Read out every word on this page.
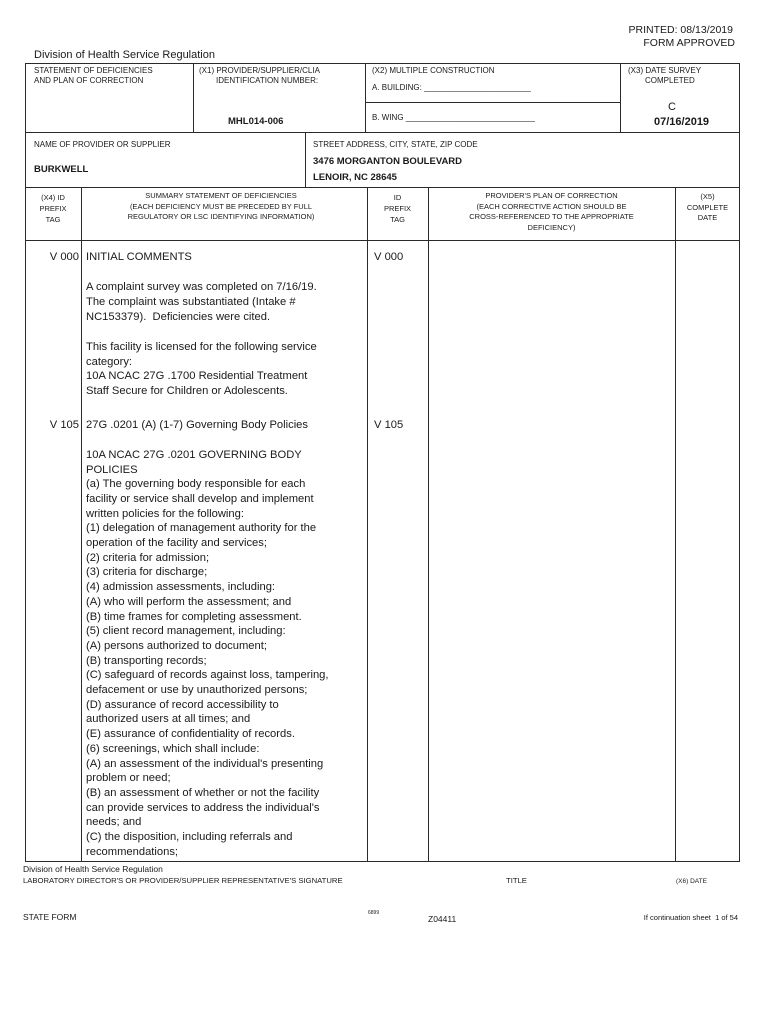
PRINTED: 08/13/2019
FORM APPROVED
Division of Health Service Regulation
STATEMENT OF DEFICIENCIES
AND PLAN OF CORRECTION
(X1) PROVIDER/SUPPLIER/CLIA
IDENTIFICATION NUMBER:
MHL014-006
(X2) MULTIPLE CONSTRUCTION
A. BUILDING: ________________________
B. WING _____________________________
(X3) DATE SURVEY
COMPLETED
C
07/16/2019
NAME OF PROVIDER OR SUPPLIER
BURKWELL
STREET ADDRESS, CITY, STATE, ZIP CODE
3476 MORGANTON BOULEVARD
LENOIR, NC 28645
(X4) ID
PREFIX
TAG
SUMMARY STATEMENT OF DEFICIENCIES
(EACH DEFICIENCY MUST BE PRECEDED BY FULL
REGULATORY OR LSC IDENTIFYING INFORMATION)
ID
PREFIX
TAG
PROVIDER'S PLAN OF CORRECTION
(EACH CORRECTIVE ACTION SHOULD BE
CROSS-REFERENCED TO THE APPROPRIATE
DEFICIENCY)
(X5)
COMPLETE
DATE
V 000	V 000
INITIAL COMMENTS
A complaint survey was completed on 7/16/19.
The complaint was substantiated (Intake #
NC153379).  Deficiencies were cited.
This facility is licensed for the following service
category:
10A NCAC 27G .1700 Residential Treatment
Staff Secure for Children or Adolescents.
V 105	V 105
27G .0201 (A) (1-7) Governing Body Policies
10A NCAC 27G .0201 GOVERNING BODY
POLICIES
(a) The governing body responsible for each
facility or service shall develop and implement
written policies for the following:
(1) delegation of management authority for the
operation of the facility and services;
(2) criteria for admission;
(3) criteria for discharge;
(4) admission assessments, including:
(A) who will perform the assessment; and
(B) time frames for completing assessment.
(5) client record management, including:
(A) persons authorized to document;
(B) transporting records;
(C) safeguard of records against loss, tampering,
defacement or use by unauthorized persons;
(D) assurance of record accessibility to
authorized users at all times; and
(E) assurance of confidentiality of records.
(6) screenings, which shall include:
(A) an assessment of the individual's presenting
problem or need;
(B) an assessment of whether or not the facility
can provide services to address the individual's
needs; and
(C) the disposition, including referrals and
recommendations;
Division of Health Service Regulation
LABORATORY DIRECTOR'S OR PROVIDER/SUPPLIER REPRESENTATIVE'S SIGNATURE	TITLE	(X6) DATE
STATE FORM	6899
Z04411	If continuation sheet  1 of 54
